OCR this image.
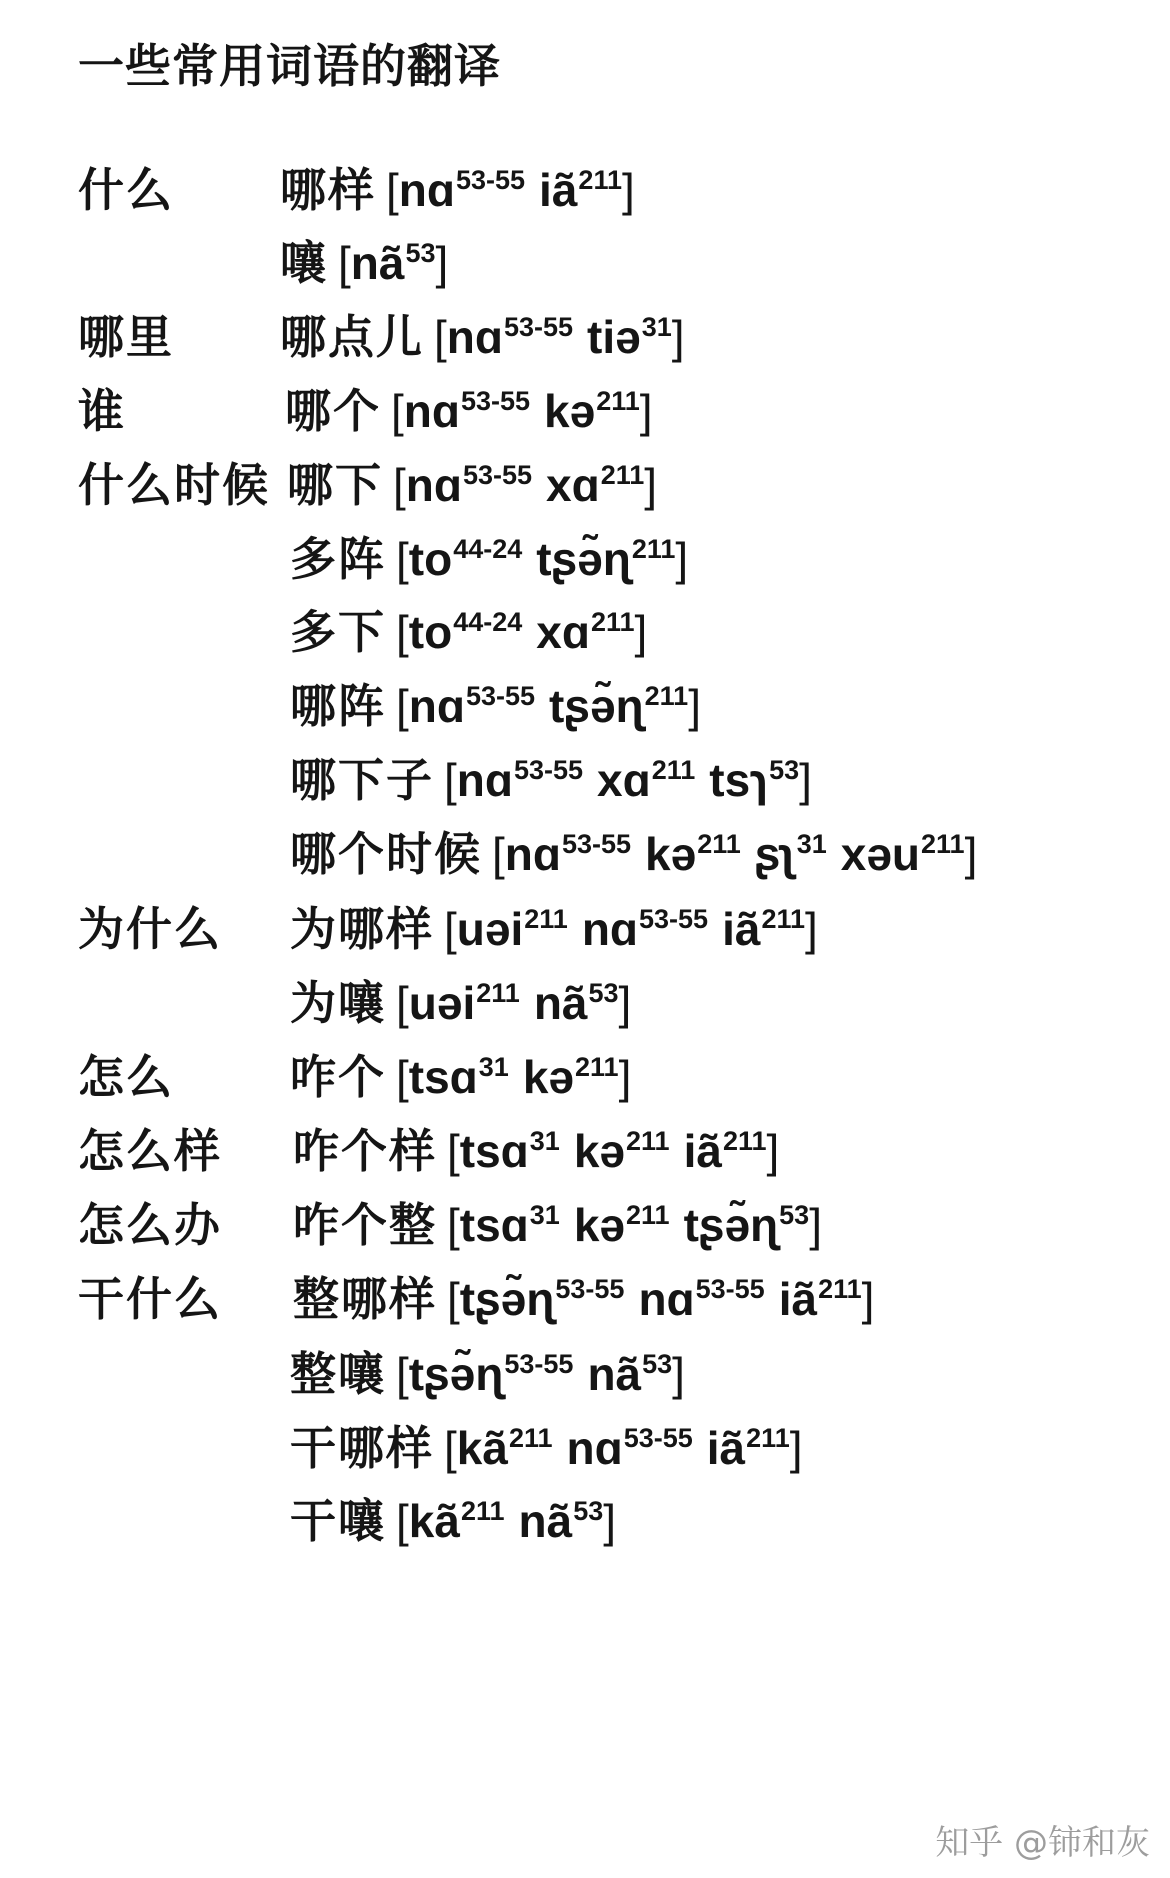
一些常用词语的翻译
什么 哪样 [nɑ$^{53-55}$ $iã^{211}$]
嚷 $[nã^{53}]$
哪里 哪点儿 [nɑ$^{53-55}$ tiə$^{31}$]
谁	哪个 [nɑ$^{53-55}$ kə$^{211}$]
什么时候 哪下 [nɑ$^{53-55}$ xɑ$^{211}$]
多阵 [$to^{44-24}$ tʂə̃ɳ$^{211}$]
多下 [$to^{44-24}$ xɑ$^{211}$]
哪阵 [nɑ$^{53-55}$ tʂə̃ɳ$^{211}$]
哪下子 [nɑ$^{53-55}$ xɑ$^{211}$ tsɿ$^{53}$]
哪个时候 [nɑ$^{53-55}$ kə$^{211}$ ʂʅ$^{31}$ xəu$^{211}$]
为什么 为哪样 [uəi$^{211}$ nɑ$^{53-55}$ $iã^{211}$]
为嚷 [uəi$^{211}$ $nã^{53}$]
怎么	咋个 [tsɑ$^{31}$ kə$^{211}$]
怎么样 咋个样 [tsɑ$^{31}$ kə$^{211}$ $iã^{211}$]
怎么办 咋个整 [tsɑ$^{31}$ kə$^{211}$ tʂə̃ɳ$^{53}$]
干什么 整哪样 [tʂə̃ɳ$^{53-55}$ nɑ$^{53-55}$ $iã^{211}$]
整嚷 [tʂə̃ɳ$^{53-55}$ $nã^{53}$]
干哪样 [$kã^{211}$ nɑ$^{53-55}$ $iã^{211}$]
干嚷 [$kã^{211}$ $nã^{53}$]
知乎 @铈和灰
